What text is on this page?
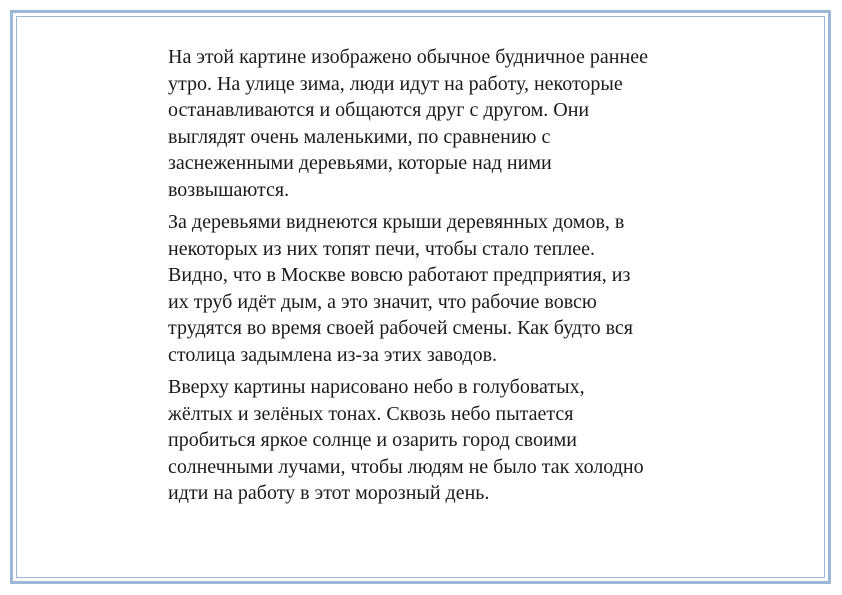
На этой картине изображено обычное будничное раннее
утро. На улице зима, люди идут на работу, некоторые
останавливаются и общаются друг с другом. Они
выглядят очень маленькими, по сравнению с
заснеженными деревьями, которые над ними
возвышаются.

За деревьями виднеются крыши деревянных домов, в
некоторых из них топят печи, чтобы стало теплее.
Видно, что в Москве вовсю работают предприятия, из
их труб идёт дым, а это значит, что рабочие вовсю
трудятся во время своей рабочей смены. Как будто вся
столица задымлена из-за этих заводов.

Вверху картины нарисовано небо в голубоватых,
жёлтых и зелёных тонах. Сквозь небо пытается
пробиться яркое солнце и озарить город своими
солнечными лучами, чтобы людям не было так холодно
идти на работу в этот морозный день.
